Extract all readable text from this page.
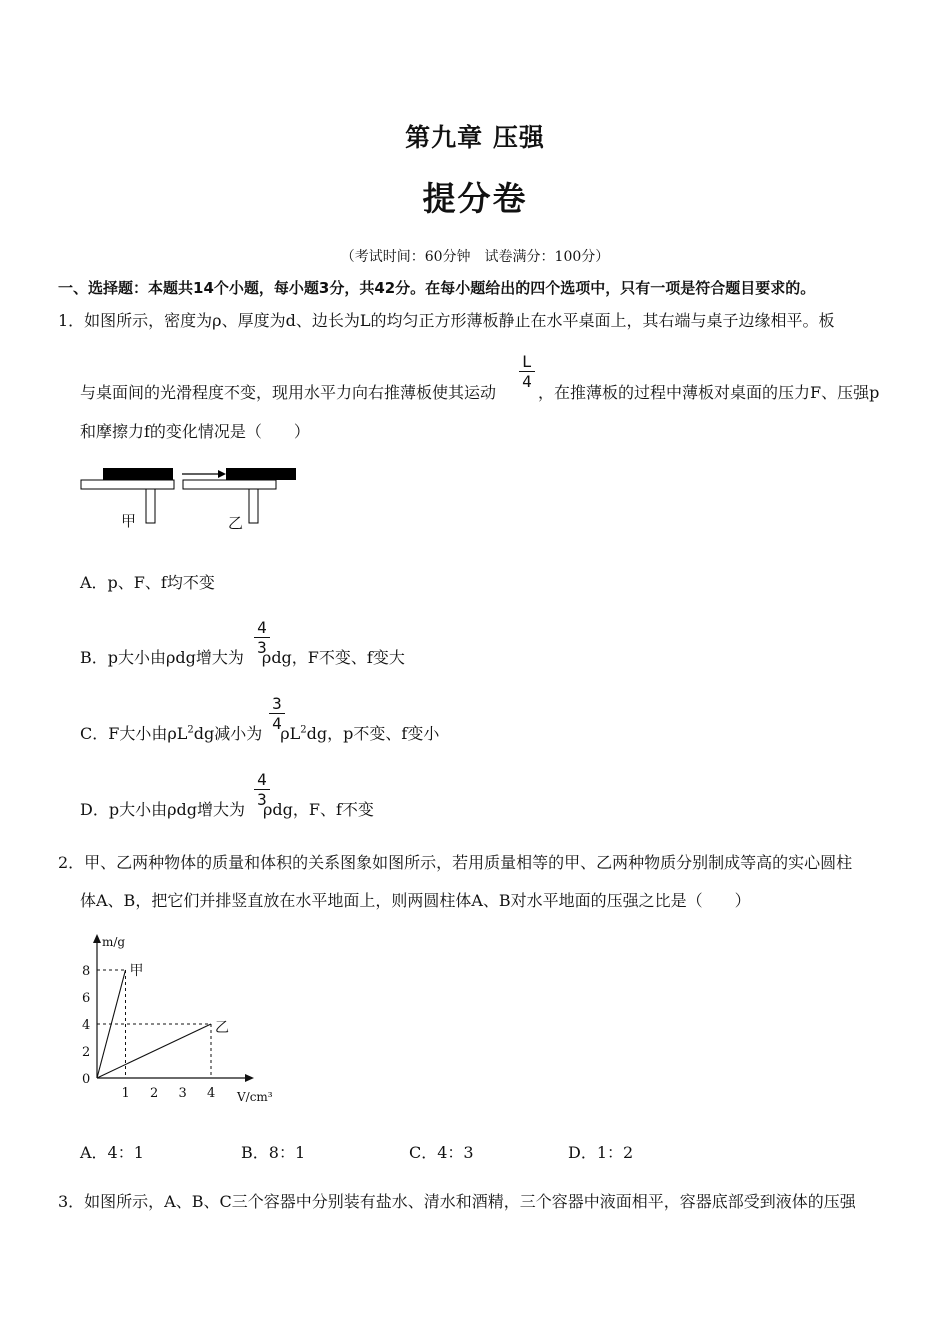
第九章 压强
提分卷
（考试时间：60分钟　试卷满分：100分）
一、选择题：本题共14个小题，每小题3分，共42分。在每小题给出的四个选项中，只有一项是符合题目要求的。
1．如图所示，密度为ρ、厚度为d、边长为L的均匀正方形薄板静止在水平桌面上，其右端与桌子边缘相平。板
与桌面间的光滑程度不变，现用水平力向右推薄板使其运动
L
4
，在推薄板的过程中薄板对桌面的压力F、压强p
和摩擦力f的变化情况是（　　）
甲	乙
A．p、F、f均不变
B．p大小由ρdg增大为 ρdg，F不变、f变大
4
3
C．F大小由$\rho L^2dg$减小为 $\rho L^2dg$，p不变、f变小
3
4
D．p大小由ρdg增大为 ρdg，F、f不变
4
3
2．甲、乙两种物体的质量和体积的关系图象如图所示，若用质量相等的甲、乙两种物质分别制成等高的实心圆柱
体A、B，把它们并排竖直放在水平地面上，则两圆柱体A、B对水平地面的压强之比是（　　）
m/g
V/cm³
0
2
4
6
8
1 2 3 4
甲
乙
A．4：1	B．8：1	C．4：3	D．1：2
3．如图所示，A、B、C三个容器中分别装有盐水、清水和酒精，三个容器中液面相平，容器底部受到液体的压强
